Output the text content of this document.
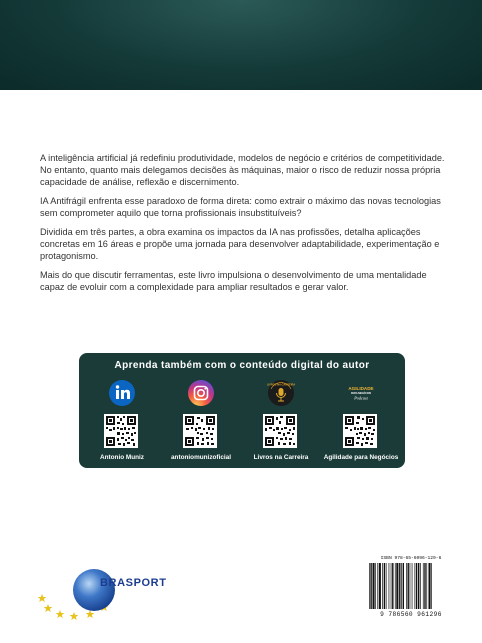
A inteligência artificial já redefiniu produtividade, modelos de negócio e critérios de competitividade. No entanto, quanto mais delegamos decisões às máquinas, maior o risco de reduzir nossa própria capacidade de análise, reflexão e discernimento.

IA Antifrágil enfrenta esse paradoxo de forma direta: como extrair o máximo das novas tecnologias sem comprometer aquilo que torna profissionais insubstituíveis?

Dividida em três partes, a obra examina os impactos da IA nas profissões, detalha aplicações concretas em 16 áreas e propõe uma jornada para desenvolver adaptabilidade, experimentação e protagonismo.

Mais do que discutir ferramentas, este livro impulsiona o desenvolvimento de uma mentalidade capaz de evoluir com a complexidade para ampliar resultados e gerar valor.

Aprenda também com o conteúdo digital do autor
Antonio Muniz	antoniomunizoficial
LIVROS NA CARREIRA
Livros na Carreira
AGILIDADE
PARA NEGÓCIOS
Podcast
Agilidade para Negócios
ISBN 978-65-6096-129-6
9 786560 961296
BRASPORT
